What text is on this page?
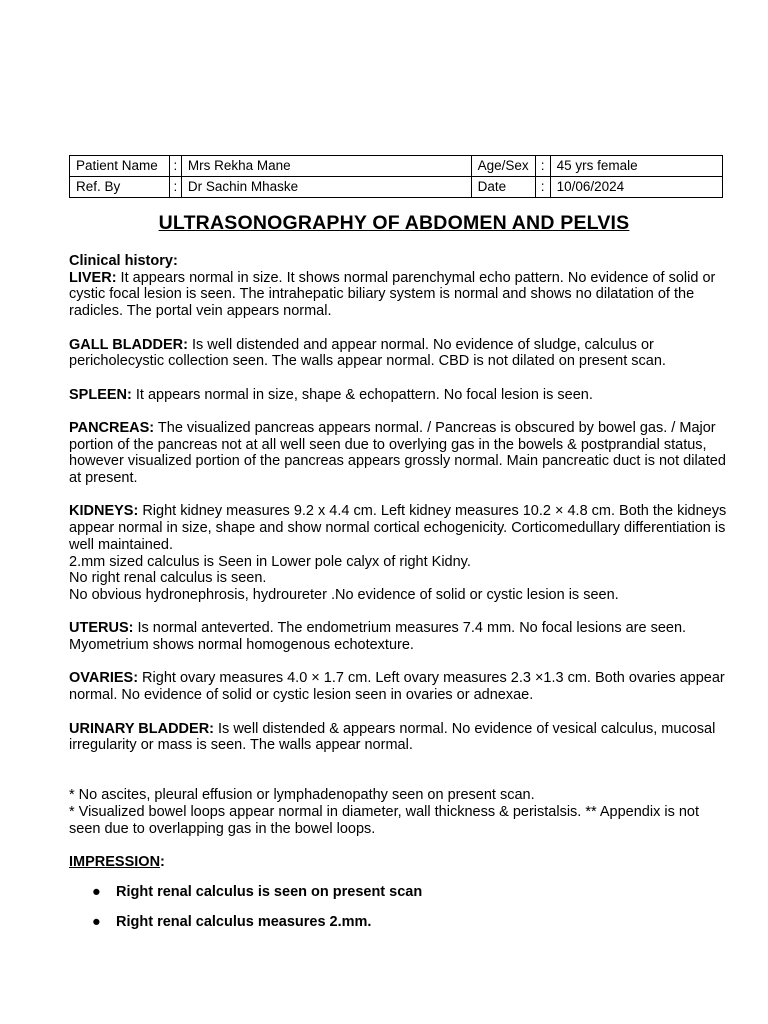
Patient Name	:	Mrs Rekha Mane	Age/Sex	:	45 yrs female
Ref. By	:	Dr Sachin Mhaske	Date	:	10/06/2024
ULTRASONOGRAPHY OF ABDOMEN AND PELVIS

Clinical history:
LIVER: It appears normal in size. It shows normal parenchymal echo pattern. No evidence of solid or cystic focal lesion is seen. The intrahepatic biliary system is normal and shows no dilatation of the radicles. The portal vein appears normal.

GALL BLADDER: Is well distended and appear normal. No evidence of sludge, calculus or pericholecystic collection seen. The walls appear normal. CBD is not dilated on present scan.

SPLEEN: It appears normal in size, shape & echopattern. No focal lesion is seen.

PANCREAS: The visualized pancreas appears normal. / Pancreas is obscured by bowel gas. / Major portion of the pancreas not at all well seen due to overlying gas in the bowels & postprandial status, however visualized portion of the pancreas appears grossly normal. Main pancreatic duct is not dilated at present.

KIDNEYS: Right kidney measures 9.2 x 4.4 cm. Left kidney measures 10.2 × 4.8 cm. Both the kidneys appear normal in size, shape and show normal cortical echogenicity. Corticomedullary differentiation is well maintained.
2.mm sized calculus is Seen in Lower pole calyx of right Kidny.
No right renal calculus is seen.
No obvious hydronephrosis, hydroureter .No evidence of solid or cystic lesion is seen.

UTERUS: Is normal anteverted. The endometrium measures 7.4 mm. No focal lesions are seen. Myometrium shows normal homogenous echotexture.

OVARIES: Right ovary measures 4.0 × 1.7 cm. Left ovary measures 2.3 ×1.3 cm. Both ovaries appear normal. No evidence of solid or cystic lesion seen in ovaries or adnexae.

URINARY BLADDER: Is well distended & appears normal. No evidence of vesical calculus, mucosal irregularity or mass is seen. The walls appear normal.

* No ascites, pleural effusion or lymphadenopathy seen on present scan.
* Visualized bowel loops appear normal in diameter, wall thickness & peristalsis. ** Appendix is not seen due to overlapping gas in the bowel loops.

IMPRESSION:

● Right renal calculus is seen on present scan
● Right renal calculus measures 2.mm.
